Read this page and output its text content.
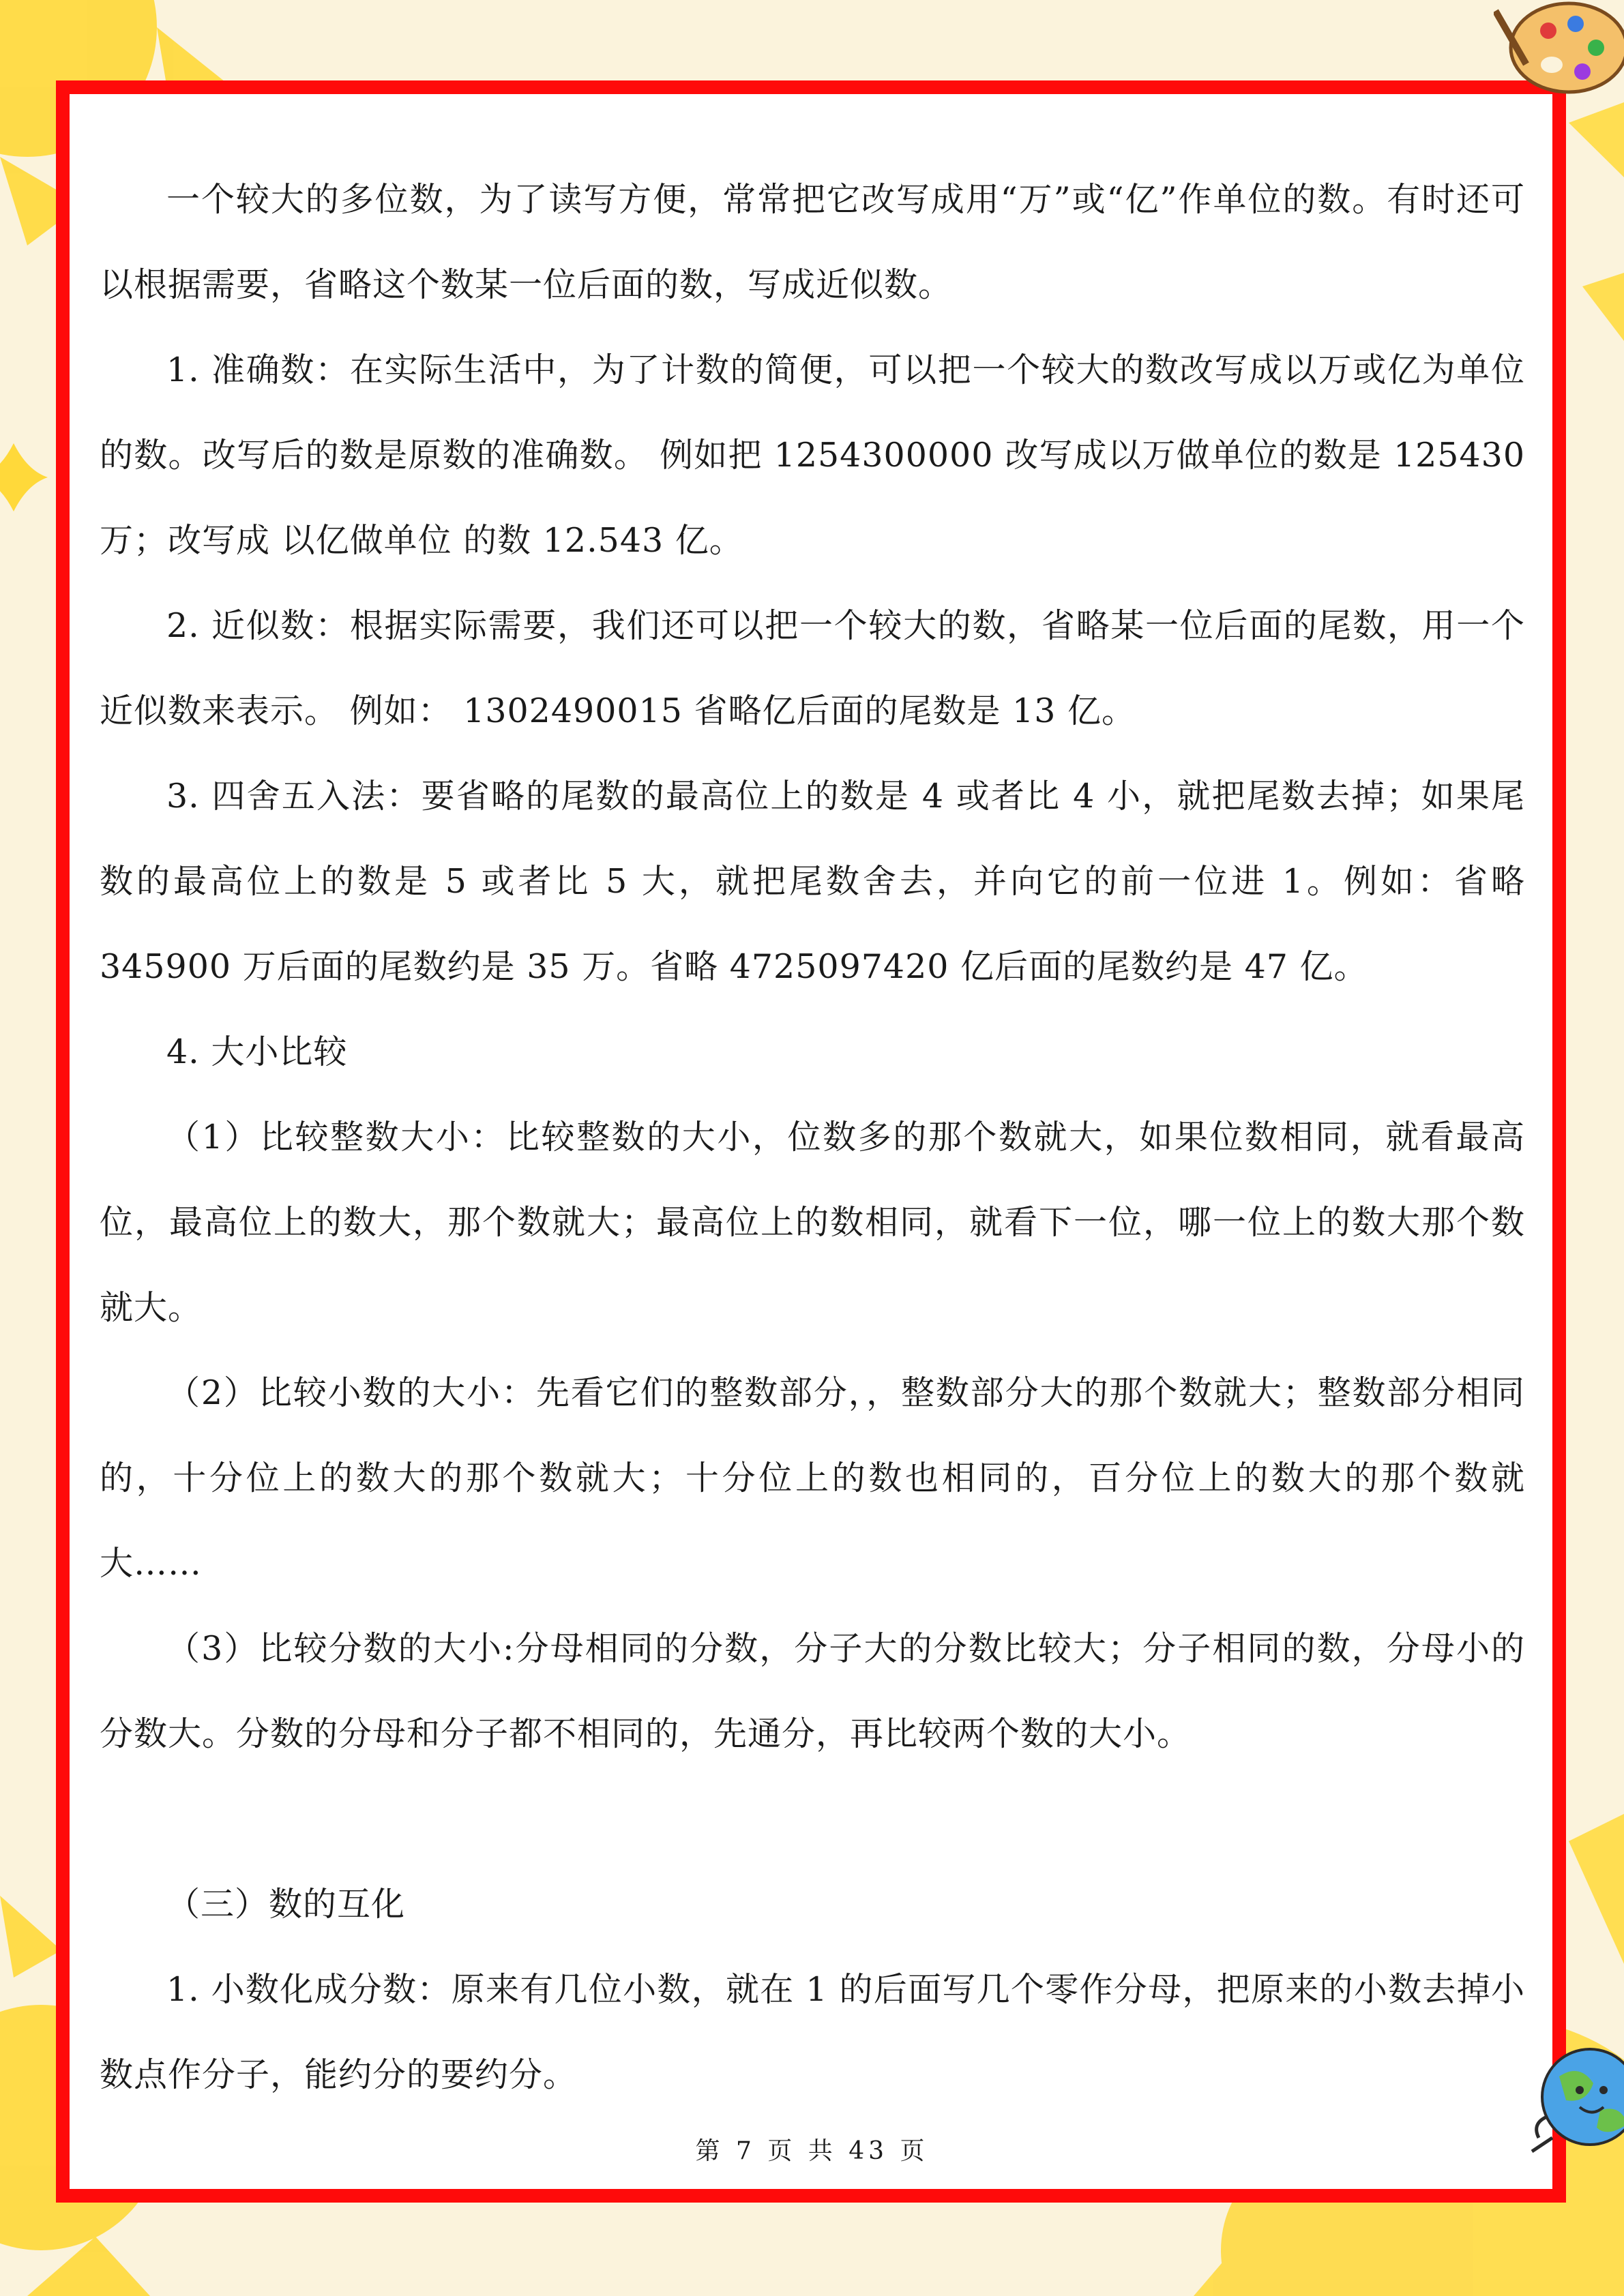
一个较大的多位数，为了读写方便，常常把它改写成用“万”或“亿”作单位的数。有时还可以根据需要，省略这个数某一位后面的数，写成近似数。

1. 准确数：在实际生活中，为了计数的简便，可以把一个较大的数改写成以万或亿为单位的数。改写后的数是原数的准确数。 例如把 1254300000 改写成以万做单位的数是 125430 万；改写成 以亿做单位 的数 12.543 亿。

2. 近似数：根据实际需要，我们还可以把一个较大的数，省略某一位后面的尾数，用一个近似数来表示。 例如： 1302490015 省略亿后面的尾数是 13 亿。

3. 四舍五入法：要省略的尾数的最高位上的数是 4 或者比 4 小，就把尾数去掉；如果尾数的最高位上的数是 5 或者比 5 大，就把尾数舍去，并向它的前一位进 1。例如：省略 345900 万后面的尾数约是 35 万。省略 4725097420 亿后面的尾数约是 47 亿。

4. 大小比较

（1）比较整数大小：比较整数的大小，位数多的那个数就大，如果位数相同，就看最高位，最高位上的数大，那个数就大；最高位上的数相同，就看下一位，哪一位上的数大那个数就大。

（2）比较小数的大小：先看它们的整数部分，，整数部分大的那个数就大；整数部分相同的，十分位上的数大的那个数就大；十分位上的数也相同的，百分位上的数大的那个数就大……

（3）比较分数的大小:分母相同的分数，分子大的分数比较大；分子相同的数，分母小的分数大。分数的分母和分子都不相同的，先通分，再比较两个数的大小。

（三）数的互化

1. 小数化成分数：原来有几位小数，就在 1 的后面写几个零作分母，把原来的小数去掉小数点作分子，能约分的要约分。

第 7 页 共 43 页
